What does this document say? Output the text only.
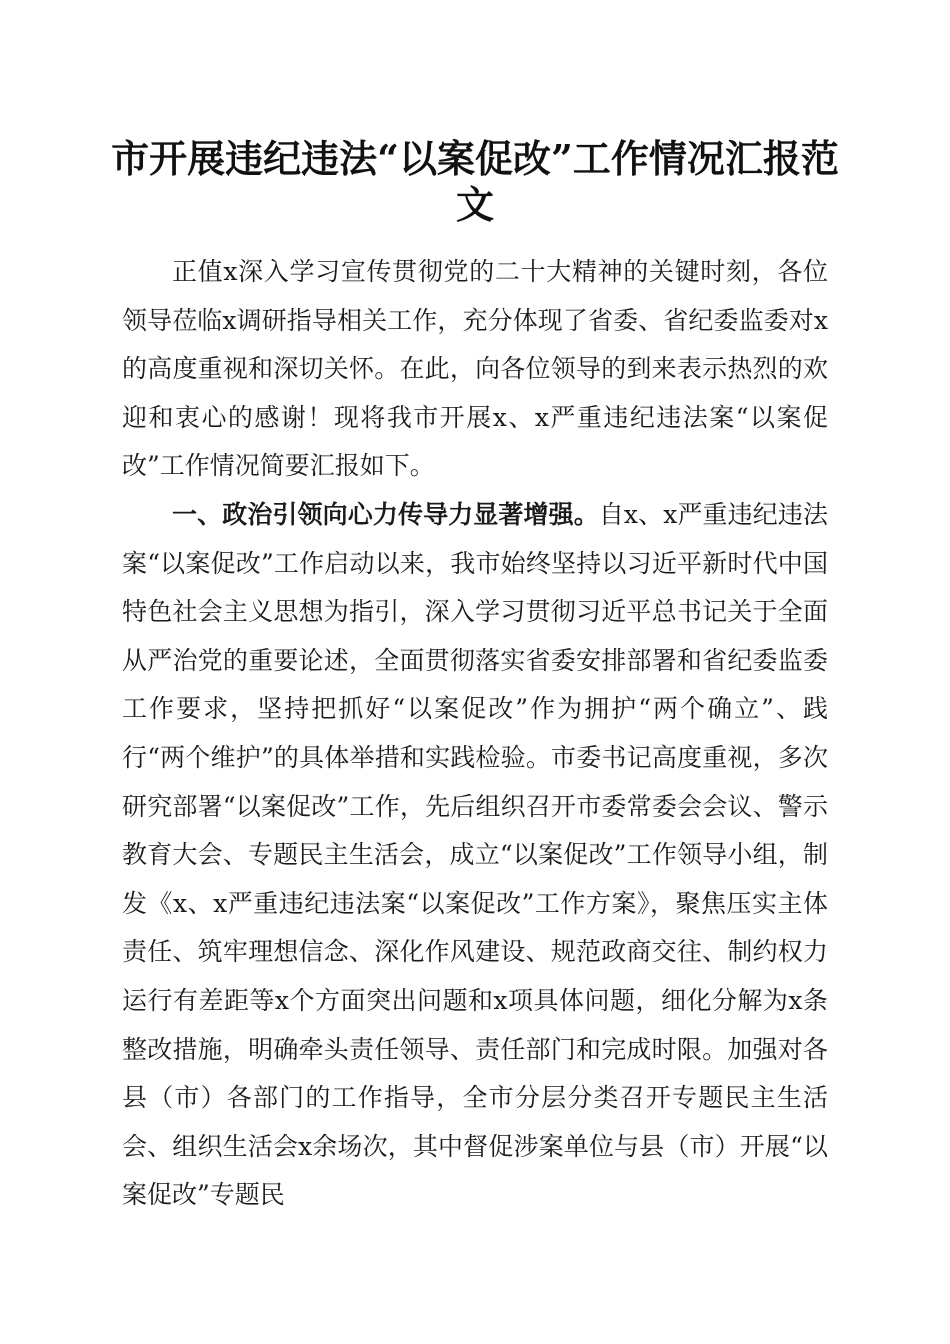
市开展违纪违法“以案促改”工作情况汇报范文

正值x深入学习宣传贯彻党的二十大精神的关键时刻，各位领导莅临x调研指导相关工作，充分体现了省委、省纪委监委对x的高度重视和深切关怀。在此，向各位领导的到来表示热烈的欢迎和衷心的感谢！现将我市开展x、x严重违纪违法案“以案促改”工作情况简要汇报如下。

一、政治引领向心力传导力显著增强。自x、x严重违纪违法案“以案促改”工作启动以来，我市始终坚持以习近平新时代中国特色社会主义思想为指引，深入学习贯彻习近平总书记关于全面从严治党的重要论述，全面贯彻落实省委安排部署和省纪委监委工作要求，坚持把抓好“以案促改”作为拥护“两个确立”、践行“两个维护”的具体举措和实践检验。市委书记高度重视，多次研究部署“以案促改”工作，先后组织召开市委常委会会议、警示教育大会、专题民主生活会，成立“以案促改”工作领导小组，制发《x、x严重违纪违法案“以案促改”工作方案》，聚焦压实主体责任、筑牢理想信念、深化作风建设、规范政商交往、制约权力运行有差距等x个方面突出问题和x项具体问题，细化分解为x条整改措施，明确牵头责任领导、责任部门和完成时限。加强对各县（市）各部门的工作指导，全市分层分类召开专题民主生活会、组织生活会x余场次，其中督促涉案单位与县（市）开展“以案促改”专题民
